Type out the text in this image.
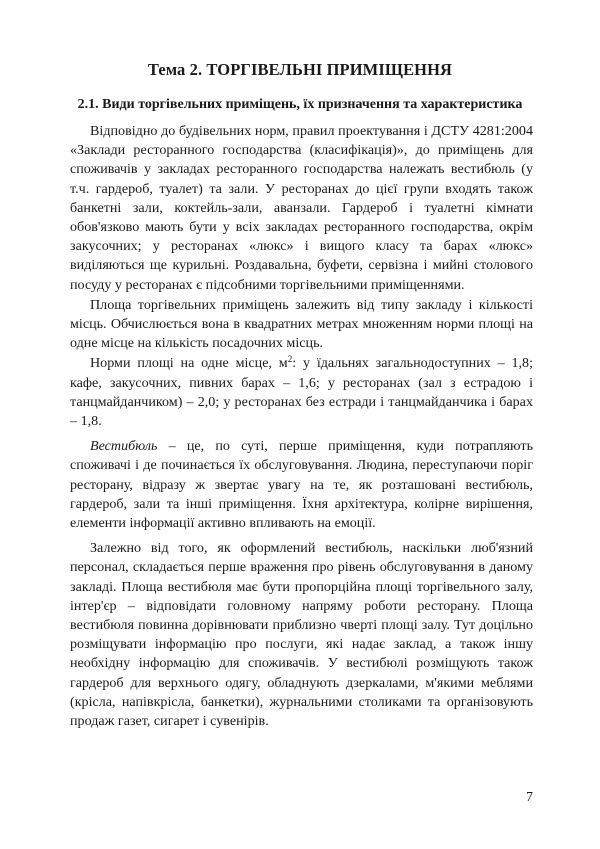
Тема 2. ТОРГІВЕЛЬНІ ПРИМІЩЕННЯ
2.1. Види торгівельних приміщень, їх призначення та характеристика

Відповідно до будівельних норм, правил проектування і ДСТУ 4281:2004 «Заклади ресторанного господарства (класифікація)», до приміщень для споживачів у закладах ресторанного господарства належать вестибюль (у т.ч. гардероб, туалет) та зали. У ресторанах до цієї групи входять також банкетні зали, коктейль-зали, аванзали. Гардероб і туалетні кімнати обов'язково мають бути у всіх закладах ресторанного господарства, окрім закусочних; у ресторанах «люкс» і вищого класу та барах «люкс» виділяються ще курильні. Роздавальна, буфети, сервізна і мийні столового посуду у ресторанах є підсобними торгівельними приміщеннями.

Площа торгівельних приміщень залежить від типу закладу і кількості місць. Обчислюється вона в квадратних метрах множенням норми площі на одне місце на кількість посадочних місць.

Норми площі на одне місце, $м^2$: у їдальнях загальнодоступних – 1,8; кафе, закусочних, пивних барах – 1,6; у ресторанах (зал з естрадою і танцмайданчиком) – 2,0; у ресторанах без естради і танцмайданчика і барах – 1,8.

Вестибюль – це, по суті, перше приміщення, куди потрапляють споживачі і де починається їх обслуговування. Людина, переступаючи поріг ресторану, відразу ж звертає увагу на те, як розташовані вестибюль, гардероб, зали та інші приміщення. Їхня архітектура, колірне вирішення, елементи інформації активно впливають на емоції.

Залежно від того, як оформлений вестибюль, наскільки люб'язний персонал, складається перше враження про рівень обслуговування в даному закладі. Площа вестибюля має бути пропорційна площі торгівельного залу, інтер'єр – відповідати головному напряму роботи ресторану. Площа вестибюля повинна дорівнювати приблизно чверті площі залу. Тут доцільно розміщувати інформацію про послуги, які надає заклад, а також іншу необхідну інформацію для споживачів. У вестибюлі розміщують також гардероб для верхнього одягу, обладнують дзеркалами, м'якими меблями (крісла, напівкрісла, банкетки), журнальними столиками та організовують продаж газет, сигарет і сувенірів.

7
